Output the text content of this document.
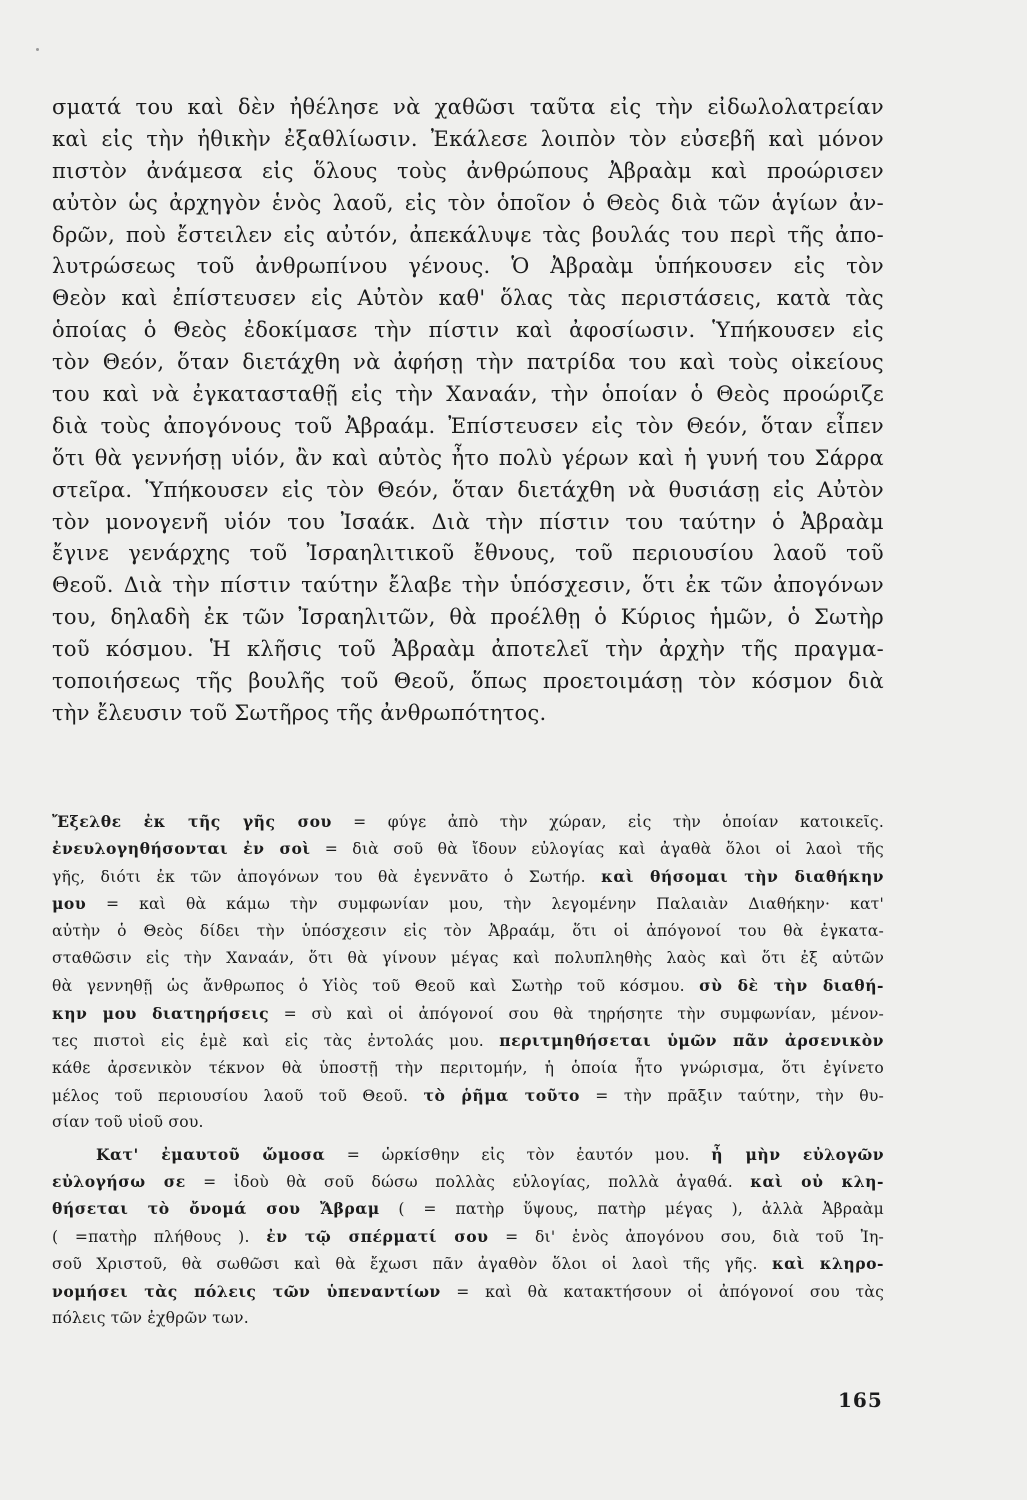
σματά του καὶ δὲν ἠθέλησε νὰ χαθῶσι ταῦτα εἰς τὴν εἰδωλολατρείαν
καὶ εἰς τὴν ἠθικὴν ἐξαθλίωσιν. Ἐκάλεσε λοιπὸν τὸν εὐσεβῆ καὶ μόνον
πιστὸν ἀνάμεσα εἰς ὅλους τοὺς ἀνθρώπους Ἀβραὰμ καὶ προώρισεν
αὐτὸν ὡς ἀρχηγὸν ἑνὸς λαοῦ, εἰς τὸν ὁποῖον ὁ Θεὸς διὰ τῶν ἁγίων ἀν-
δρῶν, ποὺ ἔστειλεν εἰς αὐτόν, ἀπεκάλυψε τὰς βουλάς του περὶ τῆς ἀπο-
λυτρώσεως τοῦ ἀνθρωπίνου γένους. Ὁ Ἀβραὰμ ὑπήκουσεν εἰς τὸν
Θεὸν καὶ ἐπίστευσεν εἰς Αὐτὸν καθ' ὅλας τὰς περιστάσεις, κατὰ τὰς
ὁποίας ὁ Θεὸς ἐδοκίμασε τὴν πίστιν καὶ ἀφοσίωσιν. Ὑπήκουσεν εἰς
τὸν Θεόν, ὅταν διετάχθη νὰ ἀφήσῃ τὴν πατρίδα του καὶ τοὺς οἰκείους
του καὶ νὰ ἐγκατασταθῇ εἰς τὴν Χαναάν, τὴν ὁποίαν ὁ Θεὸς προώριζε
διὰ τοὺς ἀπογόνους τοῦ Ἀβραάμ. Ἐπίστευσεν εἰς τὸν Θεόν, ὅταν εἶπεν
ὅτι θὰ γεννήσῃ υἱόν, ἂν καὶ αὐτὸς ἦτο πολὺ γέρων καὶ ἡ γυνή του Σάρρα
στεῖρα. Ὑπήκουσεν εἰς τὸν Θεόν, ὅταν διετάχθη νὰ θυσιάσῃ εἰς Αὐτὸν
τὸν μονογενῆ υἱόν του Ἰσαάκ. Διὰ τὴν πίστιν του ταύτην ὁ Ἀβραὰμ
ἔγινε γενάρχης τοῦ Ἰσραηλιτικοῦ ἔθνους, τοῦ περιουσίου λαοῦ τοῦ
Θεοῦ. Διὰ τὴν πίστιν ταύτην ἔλαβε τὴν ὑπόσχεσιν, ὅτι ἐκ τῶν ἀπογόνων
του, δηλαδὴ ἐκ τῶν Ἰσραηλιτῶν, θὰ προέλθῃ ὁ Κύριος ἡμῶν, ὁ Σωτὴρ
τοῦ κόσμου. Ἡ κλῆσις τοῦ Ἀβραὰμ ἀποτελεῖ τὴν ἀρχὴν τῆς πραγμα-
τοποιήσεως τῆς βουλῆς τοῦ Θεοῦ, ὅπως προετοιμάσῃ τὸν κόσμον διὰ
τὴν ἔλευσιν τοῦ Σωτῆρος τῆς ἀνθρωπότητος.
Ἔξελθε ἐκ τῆς γῆς σου = φύγε ἀπὸ τὴν χώραν, εἰς τὴν ὁποίαν κατοικεῖς.
ἐνευλογηθήσονται ἐν σοὶ = διὰ σοῦ θὰ ἴδουν εὐλογίας καὶ ἀγαθὰ ὅλοι οἱ λαοὶ τῆς
γῆς, διότι ἐκ τῶν ἀπογόνων του θὰ ἐγεννᾶτο ὁ Σωτήρ. καὶ θήσομαι τὴν διαθήκην
μου = καὶ θὰ κάμω τὴν συμφωνίαν μου, τὴν λεγομένην Παλαιὰν Διαθήκην· κατ'
αὐτὴν ὁ Θεὸς δίδει τὴν ὑπόσχεσιν εἰς τὸν Ἀβραάμ, ὅτι οἱ ἀπόγονοί του θὰ ἐγκατα-
σταθῶσιν εἰς τὴν Χαναάν, ὅτι θὰ γίνουν μέγας καὶ πολυπληθὴς λαὸς καὶ ὅτι ἐξ αὐτῶν
θὰ γεννηθῇ ὡς ἄνθρωπος ὁ Υἱὸς τοῦ Θεοῦ καὶ Σωτὴρ τοῦ κόσμου. σὺ δὲ τὴν διαθή-
κην μου διατηρήσεις = σὺ καὶ οἱ ἀπόγονοί σου θὰ τηρήσητε τὴν συμφωνίαν, μένον-
τες πιστοὶ εἰς ἐμὲ καὶ εἰς τὰς ἐντολάς μου. περιτμηθήσεται ὑμῶν πᾶν ἀρσενικὸν
κάθε ἀρσενικὸν τέκνον θὰ ὑποστῇ τὴν περιτομήν, ἡ ὁποία ἦτο γνώρισμα, ὅτι ἐγίνετο
μέλος τοῦ περιουσίου λαοῦ τοῦ Θεοῦ. τὸ ῥῆμα τοῦτο = τὴν πρᾶξιν ταύτην, τὴν θυ-
σίαν τοῦ υἱοῦ σου.
Κατ' ἐμαυτοῦ ὤμοσα = ὡρκίσθην εἰς τὸν ἑαυτόν μου. ἦ μὴν εὐλογῶν
εὐλογήσω σε = ἰδοὺ θὰ σοῦ δώσω πολλὰς εὐλογίας, πολλὰ ἀγαθά. καὶ οὐ κλη-
θήσεται τὸ ὄνομά σου Ἄβραμ ( = πατὴρ ὕψους, πατὴρ μέγας ), ἀλλὰ Ἀβραὰμ
( =πατὴρ πλήθους ). ἐν τῷ σπέρματί σου = δι' ἑνὸς ἀπογόνου σου, διὰ τοῦ Ἰη-
σοῦ Χριστοῦ, θὰ σωθῶσι καὶ θὰ ἔχωσι πᾶν ἀγαθὸν ὅλοι οἱ λαοὶ τῆς γῆς. καὶ κληρο-
νομήσει τὰς πόλεις τῶν ὑπεναντίων = καὶ θὰ κατακτήσουν οἱ ἀπόγονοί σου τὰς
πόλεις τῶν ἐχθρῶν των.
165
